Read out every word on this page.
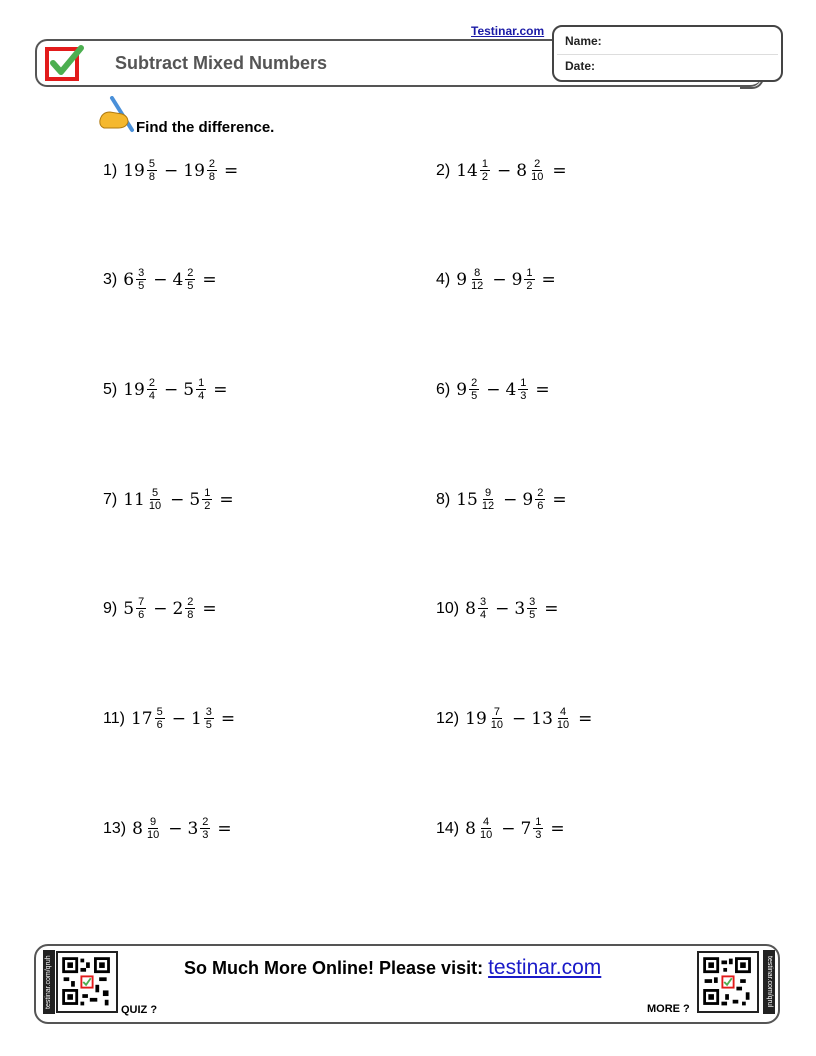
Subtract Mixed Numbers
Testinar.com
Name:
Date:
Find the difference.
1) $19 \frac{5}{8} - 19 \frac{2}{8}$ =	2) $14 \frac{1}{2} - 8 \frac{2}{10}$ =
3) $6 \frac{3}{5} - 4 \frac{2}{5}$ =	4) $9 \frac{8}{12} - 9 \frac{1}{2}$ =
5) $19 \frac{2}{4} - 5 \frac{1}{4}$ =	6) $9 \frac{2}{5} - 4 \frac{1}{3}$ =
7) $11 \frac{5}{10} - 5 \frac{1}{2}$ =	8) $15 \frac{9}{12} - 9 \frac{2}{6}$ =
9) $5 \frac{7}{6} - 2 \frac{2}{8}$ =	10) $8 \frac{3}{4} - 3 \frac{3}{5}$ =
11) $17 \frac{5}{6} - 1 \frac{3}{5}$ =	12) $19 \frac{7}{10} - 13 \frac{4}{10}$ =
13) $8 \frac{9}{10} - 3 \frac{2}{3}$ =	14) $8 \frac{4}{10} - 7 \frac{1}{3}$ =
testinar.com/qruh
QUIZ ?
So Much More Online! Please visit: testinar.com
MORE ?
testinar.com/qrul
